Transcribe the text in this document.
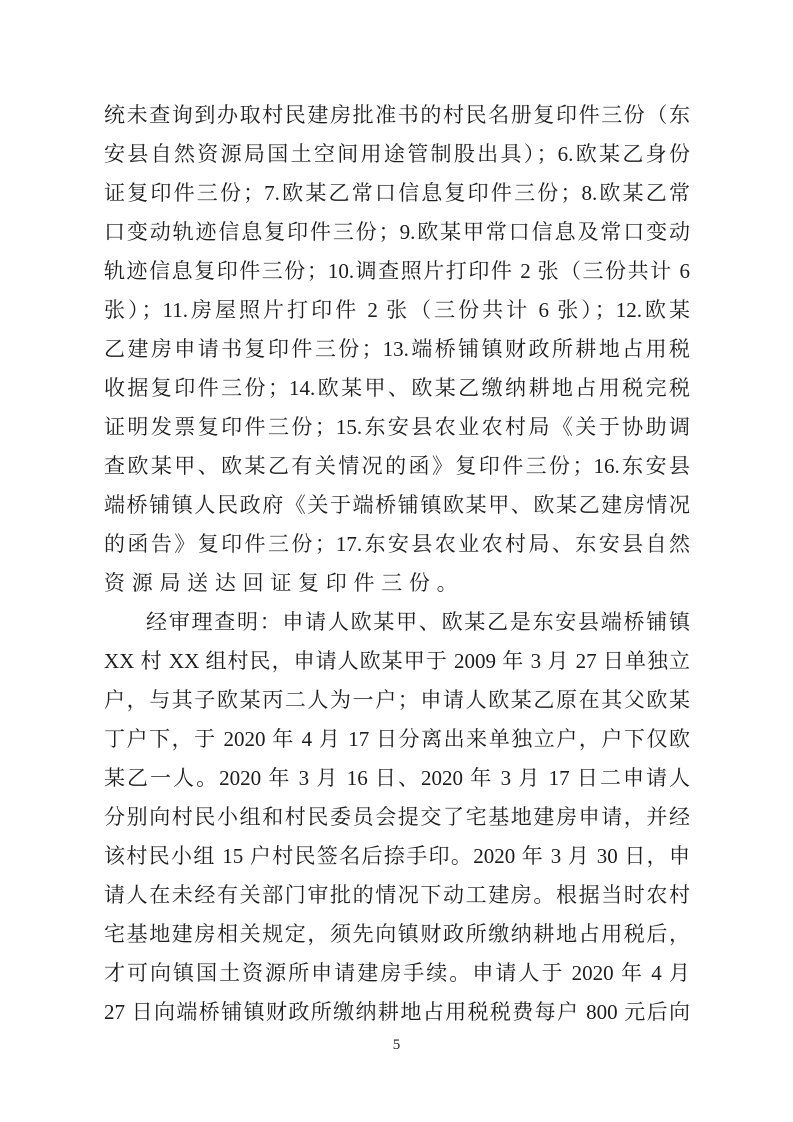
统未查询到办取村民建房批准书的村民名册复印件三份（东
安县自然资源局国土空间用途管制股出具）；6.欧某乙身份
证复印件三份；7.欧某乙常口信息复印件三份；8.欧某乙常
口变动轨迹信息复印件三份；9.欧某甲常口信息及常口变动
轨迹信息复印件三份；10.调查照片打印件 2 张（三份共计 6
张）；11.房屋照片打印件 2 张（三份共计 6 张）；12.欧某
乙建房申请书复印件三份；13.端桥铺镇财政所耕地占用税
收据复印件三份；14.欧某甲、欧某乙缴纳耕地占用税完税
证明发票复印件三份；15.东安县农业农村局《关于协助调
查欧某甲、欧某乙有关情况的函》复印件三份；16.东安县
端桥铺镇人民政府《关于端桥铺镇欧某甲、欧某乙建房情况
的函告》复印件三份；17.东安县农业农村局、东安县自然
资源局送达回证复印件三份。
经审理查明：申请人欧某甲、欧某乙是东安县端桥铺镇
XX 村 XX 组村民，申请人欧某甲于 2009 年 3 月 27 日单独立
户，与其子欧某丙二人为一户；申请人欧某乙原在其父欧某
丁户下，于 2020 年 4 月 17 日分离出来单独立户，户下仅欧
某乙一人。2020 年 3 月 16 日、2020 年 3 月 17 日二申请人
分别向村民小组和村民委员会提交了宅基地建房申请，并经
该村民小组 15 户村民签名后捺手印。2020 年 3 月 30 日，申
请人在未经有关部门审批的情况下动工建房。根据当时农村
宅基地建房相关规定，须先向镇财政所缴纳耕地占用税后，
才可向镇国土资源所申请建房手续。申请人于 2020 年 4 月
27 日向端桥铺镇财政所缴纳耕地占用税税费每户 800 元后向
5
